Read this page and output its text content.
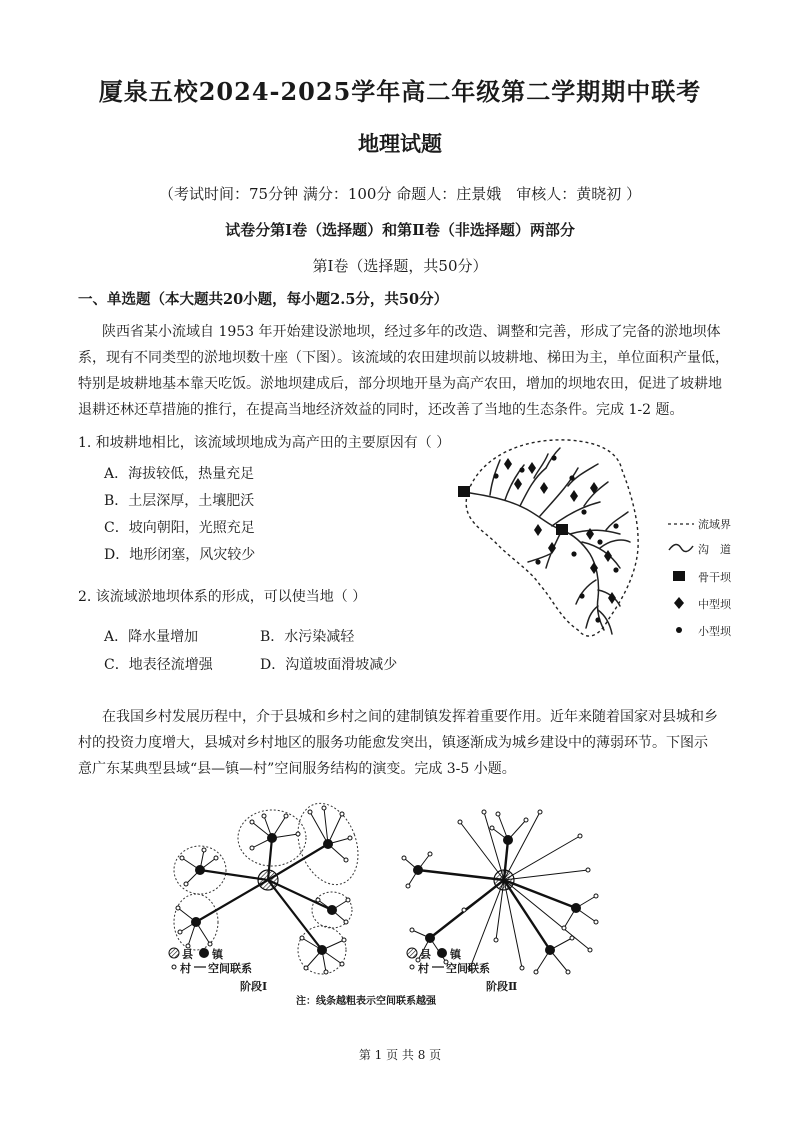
厦泉五校2024-2025学年高二年级第二学期期中联考
地理试题
（考试时间：75分钟 满分：100分 命题人：庄景娥　审核人：黄晓初 ）
试卷分第Ⅰ卷（选择题）和第Ⅱ卷（非选择题）两部分
第Ⅰ卷（选择题，共50分）
一、单选题（本大题共20小题，每小题2.5分，共50分）
陕西省某小流域自 1953 年开始建设淤地坝，经过多年的改造、调整和完善，形成了完备的淤地坝体
系，现有不同类型的淤地坝数十座（下图）。该流域的农田建坝前以坡耕地、梯田为主，单位面积产量低，
特别是坡耕地基本靠天吃饭。淤地坝建成后，部分坝地开垦为高产农田，增加的坝地农田，促进了坡耕地
退耕还林还草措施的推行，在提高当地经济效益的同时，还改善了当地的生态条件。完成 1-2 题。
1. 和坡耕地相比，该流域坝地成为高产田的主要原因有（ ）
A．海拔较低，热量充足
B．土层深厚，土壤肥沃
C．坡向朝阳，光照充足
D．地形闭塞，风灾较少
2. 该流域淤地坝体系的形成，可以使当地（ ）
A．降水量增加	B．水污染减轻
C．地表径流增强	D．沟道坡面滑坡减少
流域界
沟　道
骨干坝
中型坝
小型坝
在我国乡村发展历程中，介于县城和乡村之间的建制镇发挥着重要作用。近年来随着国家对县城和乡
村的投资力度增大，县城对乡村地区的服务功能愈发突出，镇逐渐成为城乡建设中的薄弱环节。下图示
意广东某典型县域“县—镇—村”空间服务结构的演变。完成 3-5 小题。
县 镇
村 空间联系
县 镇
村 空间联系
阶段Ⅰ	阶段Ⅱ
注：线条越粗表示空间联系越强
第 1 页 共 8 页
